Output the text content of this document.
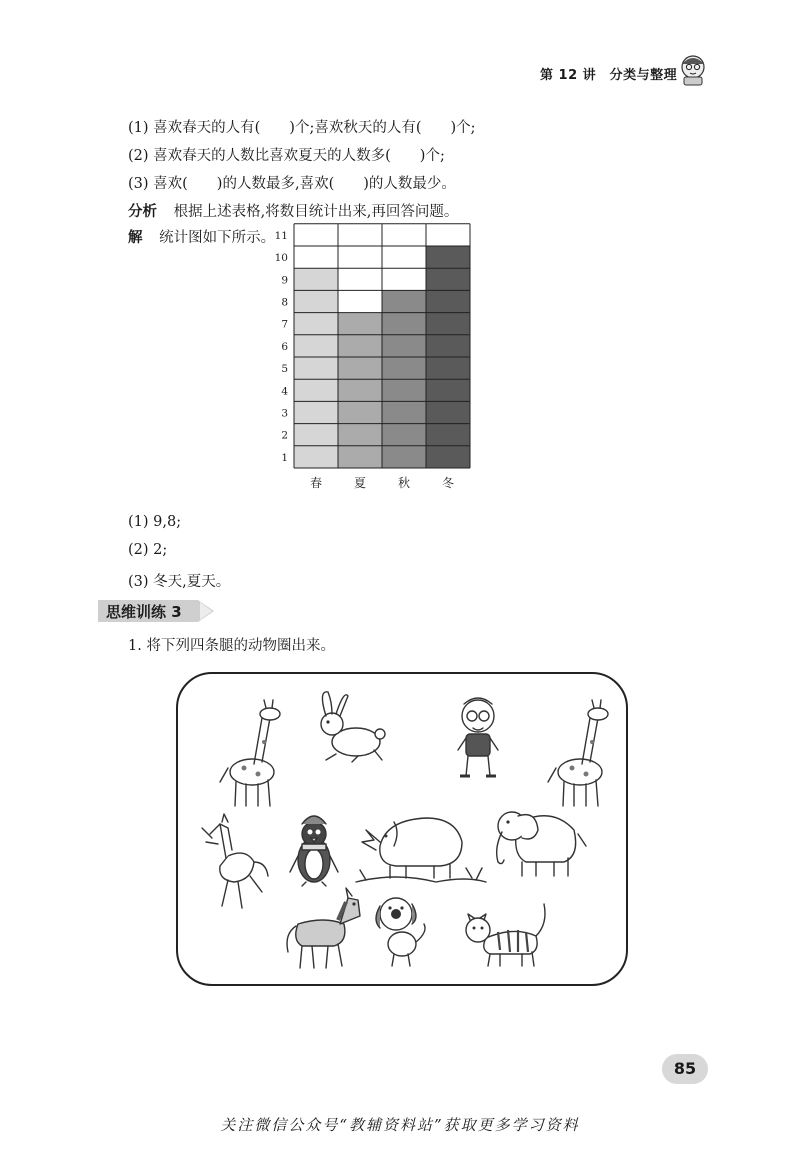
第 12 讲　分类与整理
(1) 喜欢春天的人有(　　)个;喜欢秋天的人有(　　)个;
(2) 喜欢春天的人数比喜欢夏天的人数多(　　)个;
(3) 喜欢(　　)的人数最多,喜欢(　　)的人数最少。
分析 根据上述表格,将数目统计出来,再回答问题。
解 统计图如下所示。
春	夏	秋	冬
1
2
3
4
5
6
7
8
9
10
11
(1) 9,8;
(2) 2;
(3) 冬天,夏天。
思维训练 3
1. 将下列四条腿的动物圈出来。
85
关注微信公众号“教辅资料站”获取更多学习资料
